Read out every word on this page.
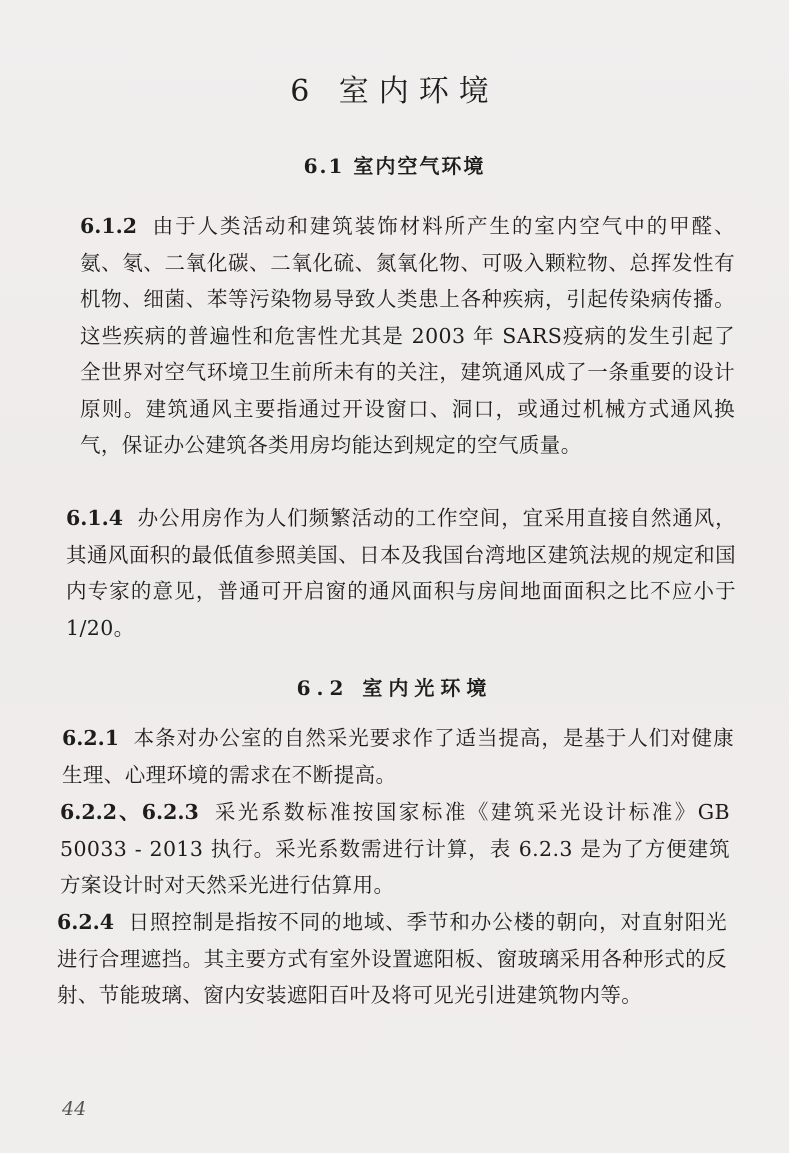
6 室内环境
6.1 室内空气环境
6.1.2 由于人类活动和建筑装饰材料所产生的室内空气中的甲醛、氨、氡、二氧化碳、二氧化硫、氮氧化物、可吸入颗粒物、总挥发性有机物、细菌、苯等污染物易导致人类患上各种疾病，引起传染病传播。这些疾病的普遍性和危害性尤其是 2003 年 SARS疫病的发生引起了全世界对空气环境卫生前所未有的关注，建筑通风成了一条重要的设计原则。建筑通风主要指通过开设窗口、洞口，或通过机械方式通风换气，保证办公建筑各类用房均能达到规定的空气质量。
6.1.4 办公用房作为人们频繁活动的工作空间，宜采用直接自然通风，其通风面积的最低值参照美国、日本及我国台湾地区建筑法规的规定和国内专家的意见，普通可开启窗的通风面积与房间地面面积之比不应小于 1/20。
6.2 室内光环境
6.2.1 本条对办公室的自然采光要求作了适当提高，是基于人们对健康生理、心理环境的需求在不断提高。
6.2.2、6.2.3 采光系数标准按国家标准《建筑采光设计标准》GB 50033 - 2013 执行。采光系数需进行计算，表 6.2.3 是为了方便建筑方案设计时对天然采光进行估算用。
6.2.4 日照控制是指按不同的地域、季节和办公楼的朝向，对直射阳光进行合理遮挡。其主要方式有室外设置遮阳板、窗玻璃采用各种形式的反射、节能玻璃、窗内安装遮阳百叶及将可见光引进建筑物内等。
44
